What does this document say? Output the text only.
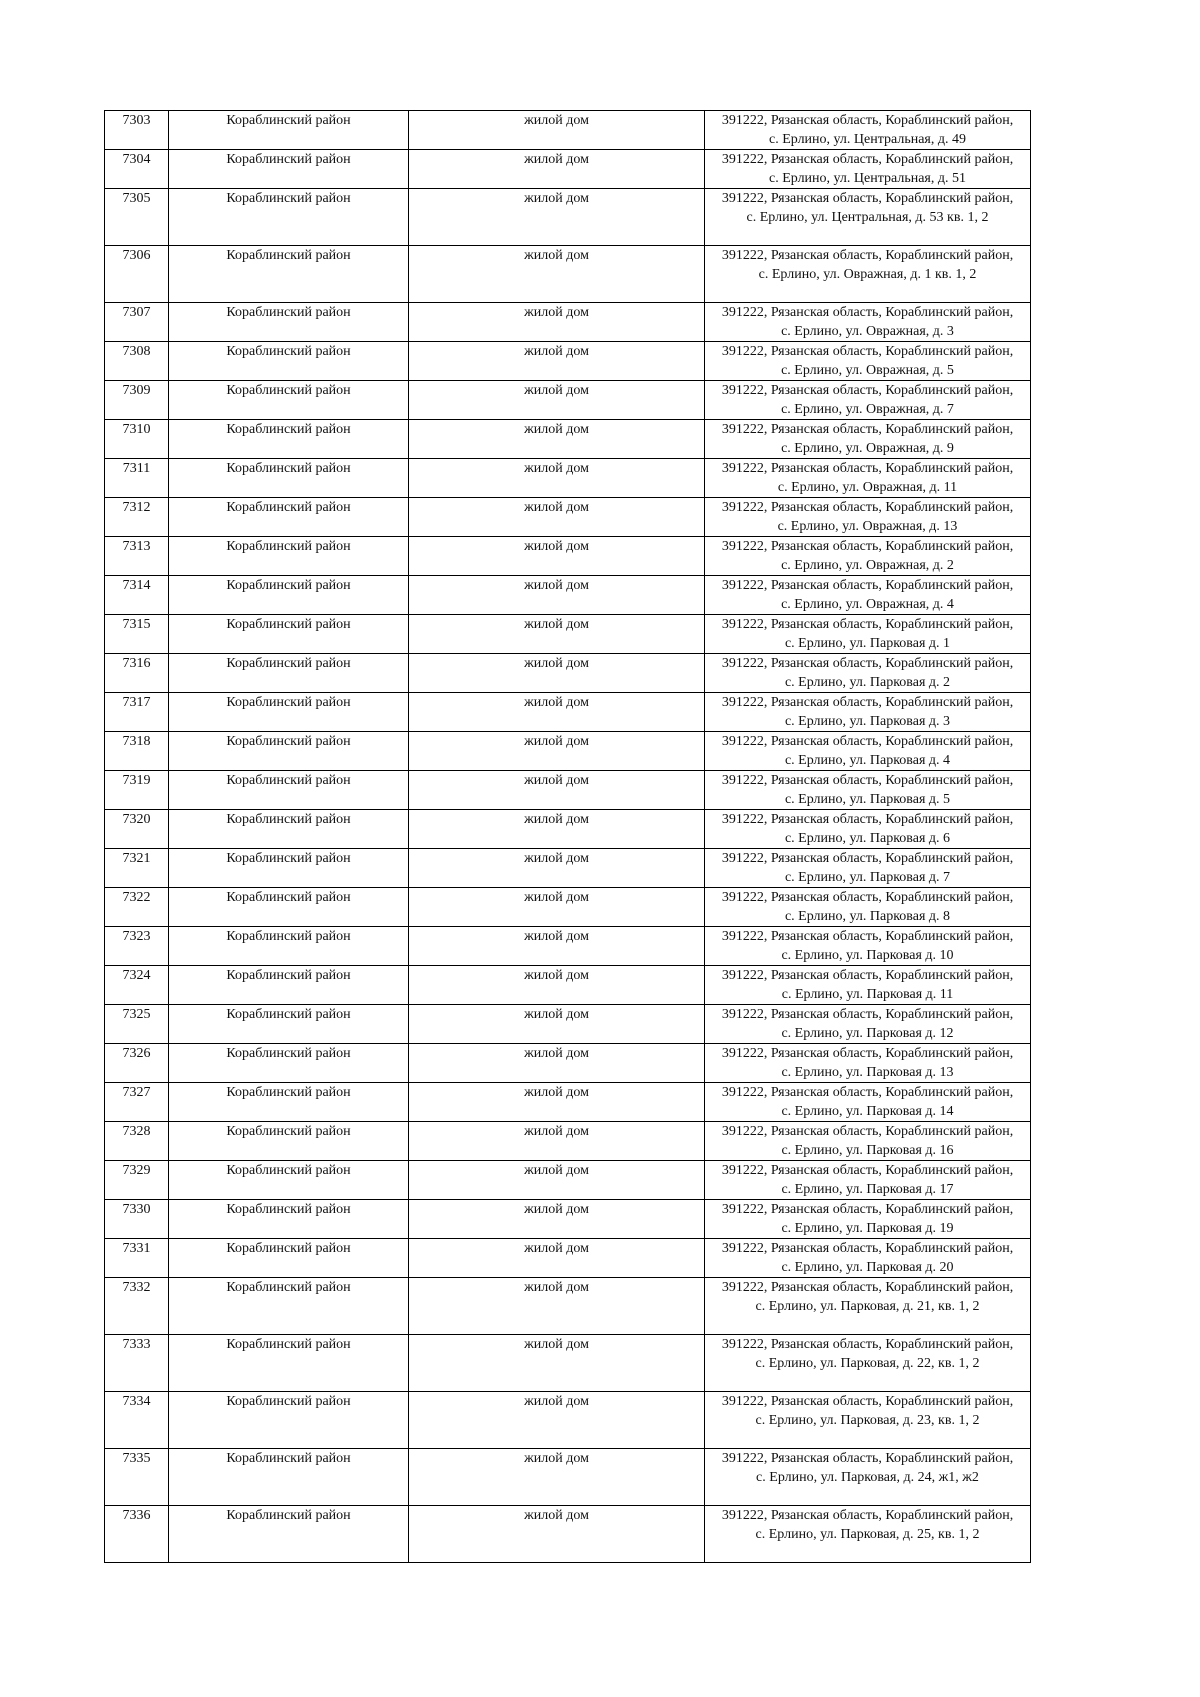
7303	Кораблинский район	жилой дом	391222, Рязанская область, Кораблинский район,
с. Ерлино, ул. Центральная, д. 49

7304	Кораблинский район	жилой дом	391222, Рязанская область, Кораблинский район,
с. Ерлино, ул. Центральная, д. 51

7305	Кораблинский район	жилой дом	391222, Рязанская область, Кораблинский район,
с. Ерлино, ул. Центральная, д. 53 кв. 1, 2

7306	Кораблинский район	жилой дом	391222, Рязанская область, Кораблинский район,
с. Ерлино, ул. Овражная, д. 1 кв. 1, 2

7307	Кораблинский район	жилой дом	391222, Рязанская область, Кораблинский район,
с. Ерлино, ул. Овражная, д. 3

7308	Кораблинский район	жилой дом	391222, Рязанская область, Кораблинский район,
с. Ерлино, ул. Овражная, д. 5

7309	Кораблинский район	жилой дом	391222, Рязанская область, Кораблинский район,
с. Ерлино, ул. Овражная, д. 7

7310	Кораблинский район	жилой дом	391222, Рязанская область, Кораблинский район,
с. Ерлино, ул. Овражная, д. 9

7311	Кораблинский район	жилой дом	391222, Рязанская область, Кораблинский район,
с. Ерлино, ул. Овражная, д. 11

7312	Кораблинский район	жилой дом	391222, Рязанская область, Кораблинский район,
с. Ерлино, ул. Овражная, д. 13

7313	Кораблинский район	жилой дом	391222, Рязанская область, Кораблинский район,
с. Ерлино, ул. Овражная, д. 2

7314	Кораблинский район	жилой дом	391222, Рязанская область, Кораблинский район,
с. Ерлино, ул. Овражная, д. 4

7315	Кораблинский район	жилой дом	391222, Рязанская область, Кораблинский район,
с. Ерлино, ул. Парковая д. 1

7316	Кораблинский район	жилой дом	391222, Рязанская область, Кораблинский район,
с. Ерлино, ул. Парковая д. 2

7317	Кораблинский район	жилой дом	391222, Рязанская область, Кораблинский район,
с. Ерлино, ул. Парковая д. 3

7318	Кораблинский район	жилой дом	391222, Рязанская область, Кораблинский район,
с. Ерлино, ул. Парковая д. 4

7319	Кораблинский район	жилой дом	391222, Рязанская область, Кораблинский район,
с. Ерлино, ул. Парковая д. 5

7320	Кораблинский район	жилой дом	391222, Рязанская область, Кораблинский район,
с. Ерлино, ул. Парковая д. 6

7321	Кораблинский район	жилой дом	391222, Рязанская область, Кораблинский район,
с. Ерлино, ул. Парковая д. 7

7322	Кораблинский район	жилой дом	391222, Рязанская область, Кораблинский район,
с. Ерлино, ул. Парковая д. 8

7323	Кораблинский район	жилой дом	391222, Рязанская область, Кораблинский район,
с. Ерлино, ул. Парковая д. 10

7324	Кораблинский район	жилой дом	391222, Рязанская область, Кораблинский район,
с. Ерлино, ул. Парковая д. 11

7325	Кораблинский район	жилой дом	391222, Рязанская область, Кораблинский район,
с. Ерлино, ул. Парковая д. 12

7326	Кораблинский район	жилой дом	391222, Рязанская область, Кораблинский район,
с. Ерлино, ул. Парковая д. 13

7327	Кораблинский район	жилой дом	391222, Рязанская область, Кораблинский район,
с. Ерлино, ул. Парковая д. 14

7328	Кораблинский район	жилой дом	391222, Рязанская область, Кораблинский район,
с. Ерлино, ул. Парковая д. 16

7329	Кораблинский район	жилой дом	391222, Рязанская область, Кораблинский район,
с. Ерлино, ул. Парковая д. 17

7330	Кораблинский район	жилой дом	391222, Рязанская область, Кораблинский район,
с. Ерлино, ул. Парковая д. 19

7331	Кораблинский район	жилой дом	391222, Рязанская область, Кораблинский район,
с. Ерлино, ул. Парковая д. 20

7332	Кораблинский район	жилой дом	391222, Рязанская область, Кораблинский район,
с. Ерлино, ул. Парковая, д. 21, кв. 1, 2

7333	Кораблинский район	жилой дом	391222, Рязанская область, Кораблинский район,
с. Ерлино, ул. Парковая, д. 22, кв. 1, 2

7334	Кораблинский район	жилой дом	391222, Рязанская область, Кораблинский район,
с. Ерлино, ул. Парковая, д. 23, кв. 1, 2

7335	Кораблинский район	жилой дом	391222, Рязанская область, Кораблинский район,
с. Ерлино, ул. Парковая, д. 24, ж1, ж2

7336	Кораблинский район	жилой дом	391222, Рязанская область, Кораблинский район,
с. Ерлино, ул. Парковая, д. 25, кв. 1, 2
